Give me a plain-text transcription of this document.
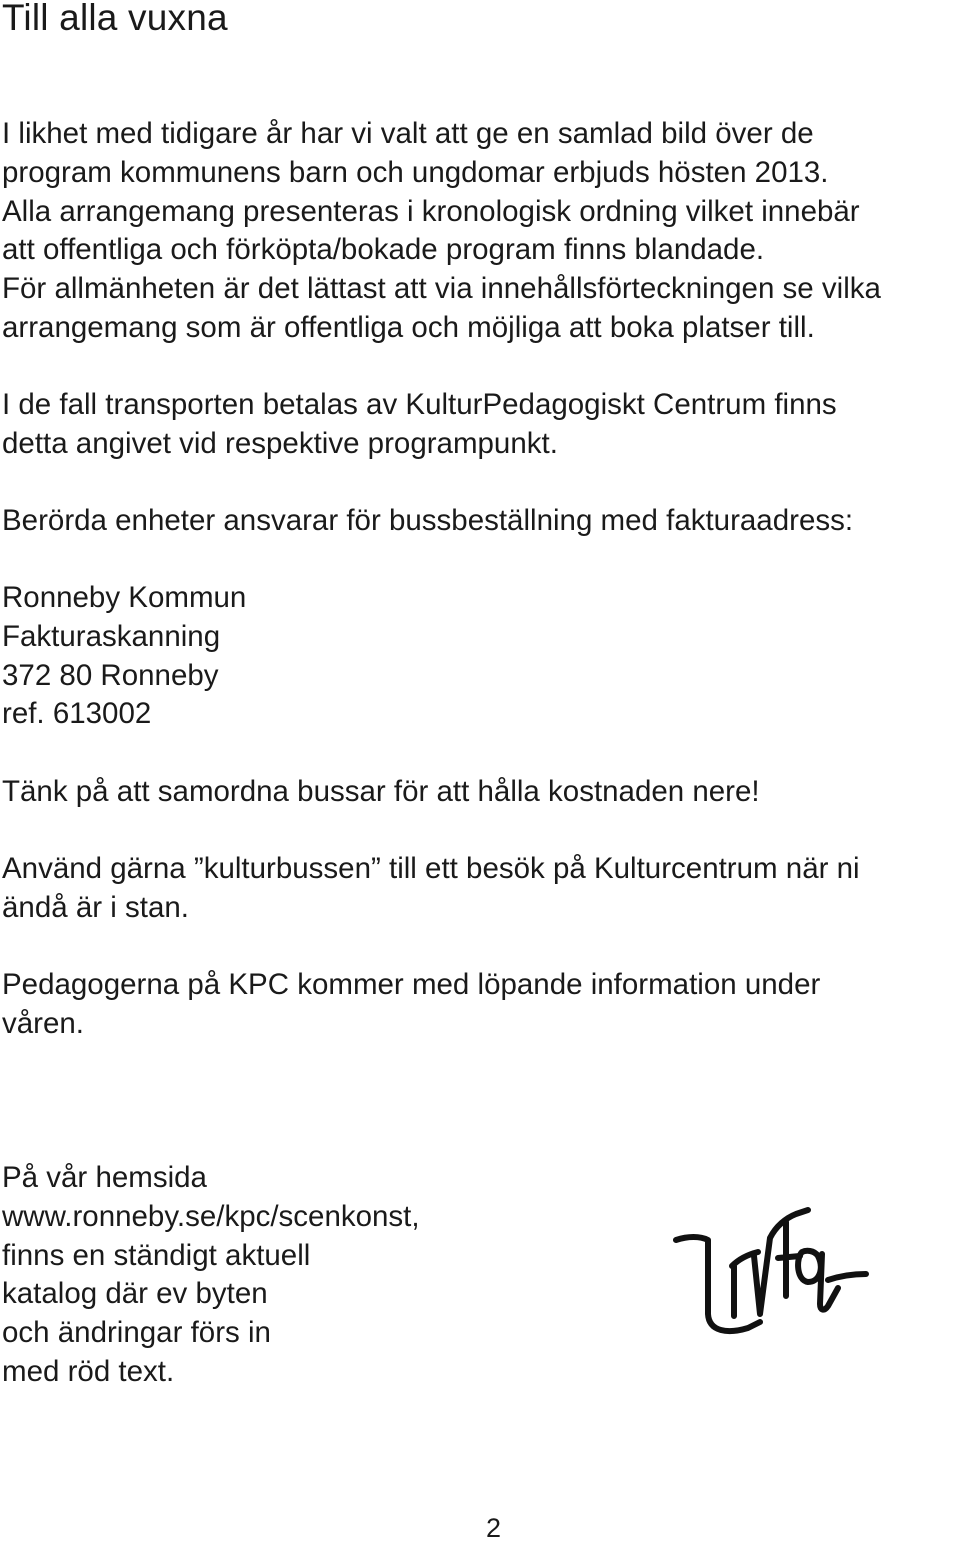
Till alla vuxna

I likhet med tidigare år har vi valt att ge en samlad bild över de
program kommunens barn och ungdomar erbjuds hösten 2013.
Alla arrangemang presenteras i kronologisk ordning vilket innebär
att offentliga och förköpta/bokade program finns blandade.
För allmänheten är det lättast att via innehållsförteckningen se vilka
arrangemang som är offentliga och möjliga att boka platser till.

I de fall transporten betalas av KulturPedagogiskt Centrum finns
detta angivet vid respektive programpunkt.

Berörda enheter ansvarar för bussbeställning med fakturaadress:

Ronneby Kommun
Fakturaskanning
372 80 Ronneby
ref. 613002

Tänk på att samordna bussar för att hålla kostnaden nere!

Använd gärna ”kulturbussen” till ett besök på Kulturcentrum när ni
ändå är i stan.

Pedagogerna på KPC kommer med löpande information under
våren.

På vår hemsida
www.ronneby.se/kpc/scenkonst,
finns en ständigt aktuell
katalog där ev byten
och ändringar förs in
med röd text.

2
